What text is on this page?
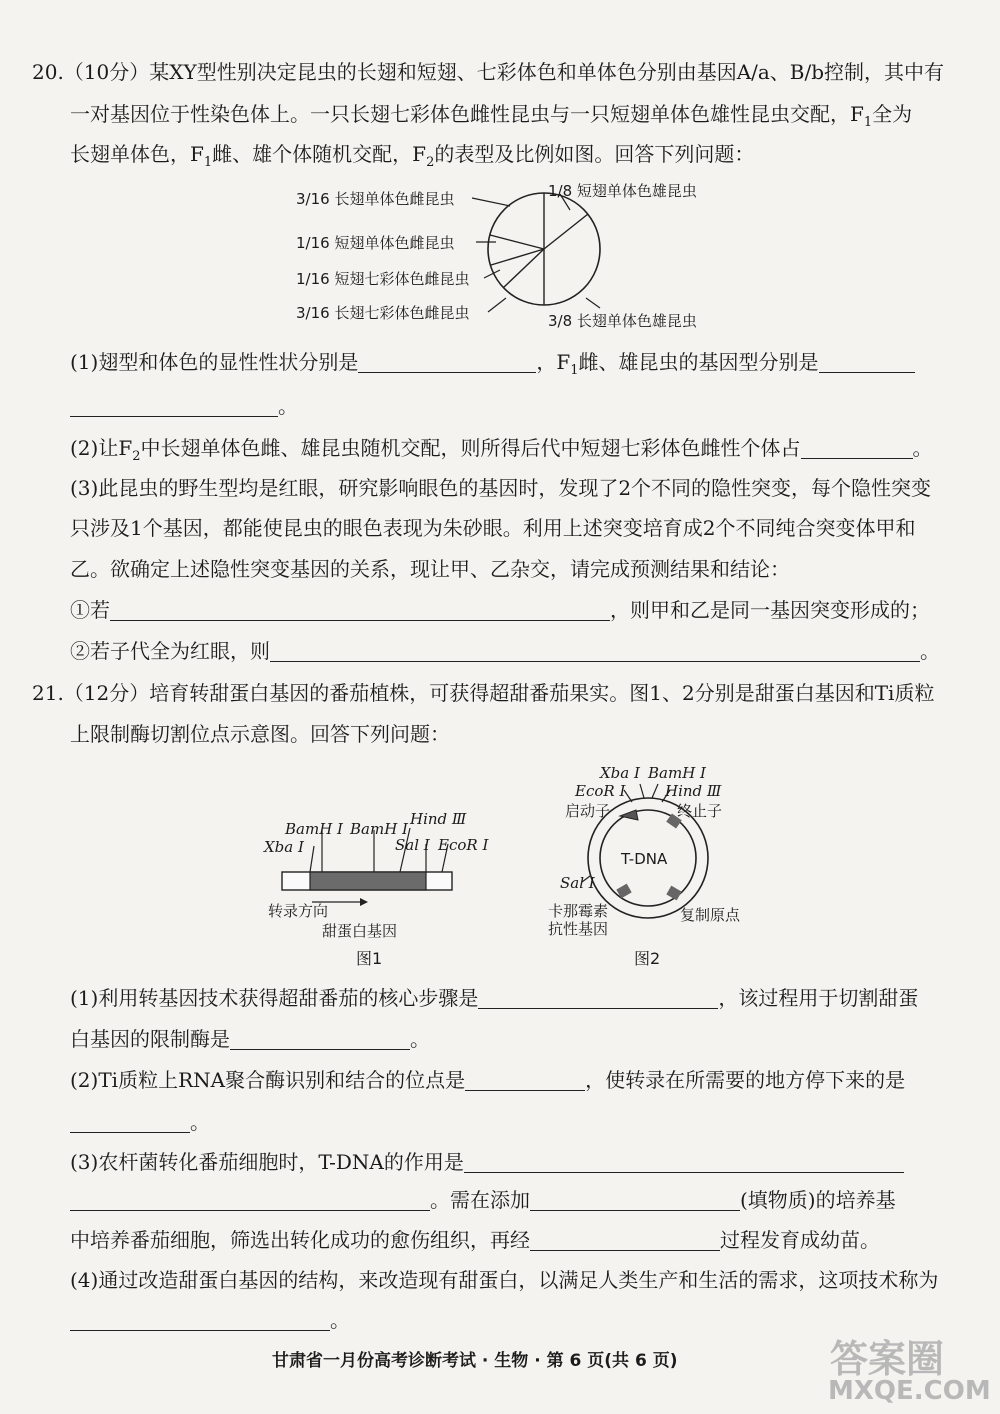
20.（10分）某XY型性别决定昆虫的长翅和短翅、七彩体色和单体色分别由基因A/a、B/b控制，其中有
一对基因位于性染色体上。一只长翅七彩体色雌性昆虫与一只短翅单体色雄性昆虫交配，$F_1$全为
长翅单体色，$F_1$雌、雄个体随机交配，$F_2$的表型及比例如图。回答下列问题：
3/16 长翅单体色雌昆虫
1/16 短翅单体色雌昆虫
1/16 短翅七彩体色雌昆虫
3/16 长翅七彩体色雌昆虫
1/8 短翅单体色雄昆虫
3/8 长翅单体色雄昆虫
(1)翅型和体色的显性性状分别是	，$F_1$雌、雄昆虫的基因型分别是
。
(2)让$F_2$中长翅单体色雌、雄昆虫随机交配，则所得后代中短翅七彩体色雌性个体占	。
(3)此昆虫的野生型均是红眼，研究影响眼色的基因时，发现了2个不同的隐性突变，每个隐性突变
只涉及1个基因，都能使昆虫的眼色表现为朱砂眼。利用上述突变培育成2个不同纯合突变体甲和
乙。欲确定上述隐性突变基因的关系，现让甲、乙杂交，请完成预测结果和结论：
①若	，则甲和乙是同一基因突变形成的；
②若子代全为红眼，则	。
21.（12分）培育转甜蛋白基因的番茄植株，可获得超甜番茄果实。图1、2分别是甜蛋白基因和Ti质粒
上限制酶切割位点示意图。回答下列问题：
BamH Ⅰ BamH Ⅰ
Hind Ⅲ
Xba Ⅰ	Sal Ⅰ EcoR Ⅰ
转录方向
甜蛋白基因
图1
Xba Ⅰ BamH Ⅰ
EcoR Ⅰ	Hind Ⅲ
启动子	终止子
T-DNA
Sal Ⅰ
卡那霉素
抗性基因
复制原点
图2
(1)利用转基因技术获得超甜番茄的核心步骤是	，该过程用于切割甜蛋
白基因的限制酶是	。
(2)Ti质粒上RNA聚合酶识别和结合的位点是	，使转录在所需要的地方停下来的是
。
(3)农杆菌转化番茄细胞时，T-DNA的作用是
。需在添加	(填物质)的培养基
中培养番茄细胞，筛选出转化成功的愈伤组织，再经	过程发育成幼苗。
(4)通过改造甜蛋白基因的结构，来改造现有甜蛋白，以满足人类生产和生活的需求，这项技术称为
。
甘肃省一月份高考诊断考试 · 生物 · 第 6 页(共 6 页)	答案圈
MXQE.COM
